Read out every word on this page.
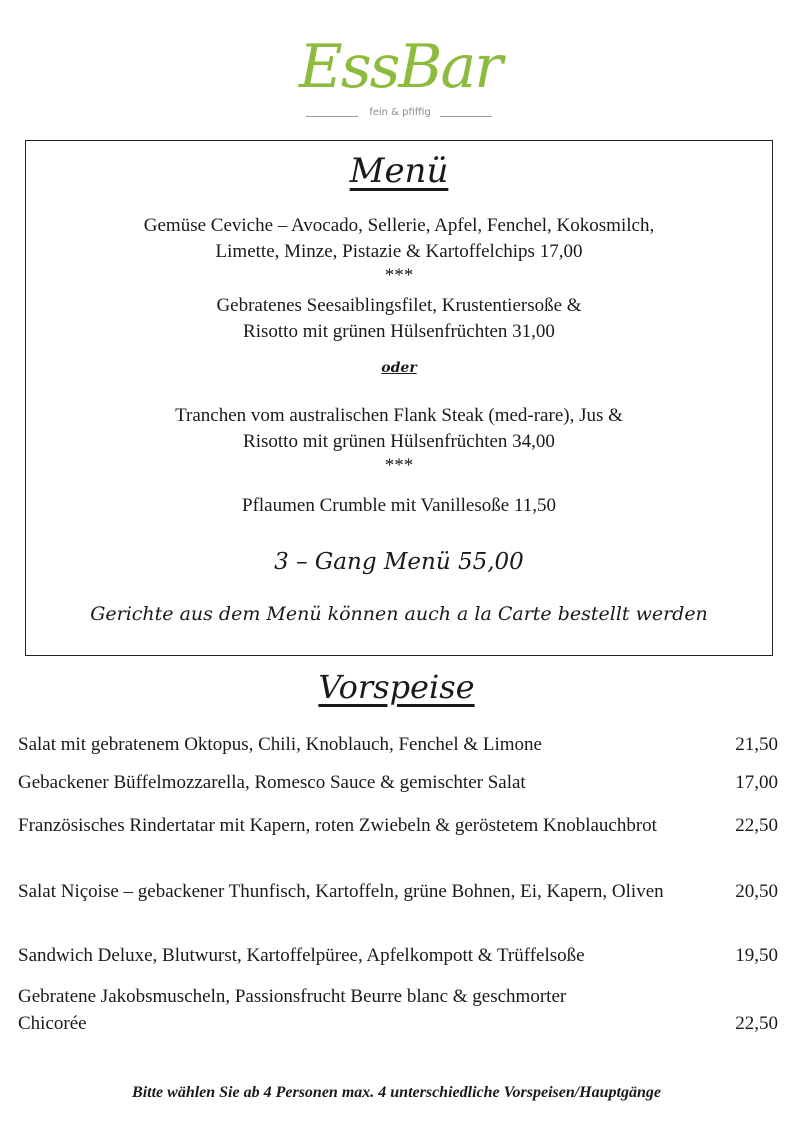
EssBar
fein & pfiffig
Menü
Gemüse Ceviche – Avocado, Sellerie, Apfel, Fenchel, Kokosmilch,
Limette, Minze, Pistazie & Kartoffelchips 17,00
***
Gebratenes Seesaiblingsfilet, Krustentiersoße &
Risotto mit grünen Hülsenfrüchten 31,00
oder
Tranchen vom australischen Flank Steak (med-rare), Jus &
Risotto mit grünen Hülsenfrüchten 34,00
***
Pflaumen Crumble mit Vanillesoße 11,50
3 – Gang Menü 55,00
Gerichte aus dem Menü können auch a la Carte bestellt werden
Vorspeise
Salat mit gebratenem Oktopus, Chili, Knoblauch, Fenchel & Limone	21,50
Gebackener Büffelmozzarella, Romesco Sauce & gemischter Salat	17,00
Französisches Rindertatar mit Kapern, roten Zwiebeln & geröstetem Knoblauchbrot	22,50
Salat Niçoise – gebackener Thunfisch, Kartoffeln, grüne Bohnen, Ei, Kapern, Oliven	20,50
Sandwich Deluxe, Blutwurst, Kartoffelpüree, Apfelkompott & Trüffelsoße	19,50
Gebratene Jakobsmuscheln, Passionsfrucht Beurre blanc & geschmorter Chicorée	22,50
Bitte wählen Sie ab 4 Personen max. 4 unterschiedliche Vorspeisen/Hauptgänge
